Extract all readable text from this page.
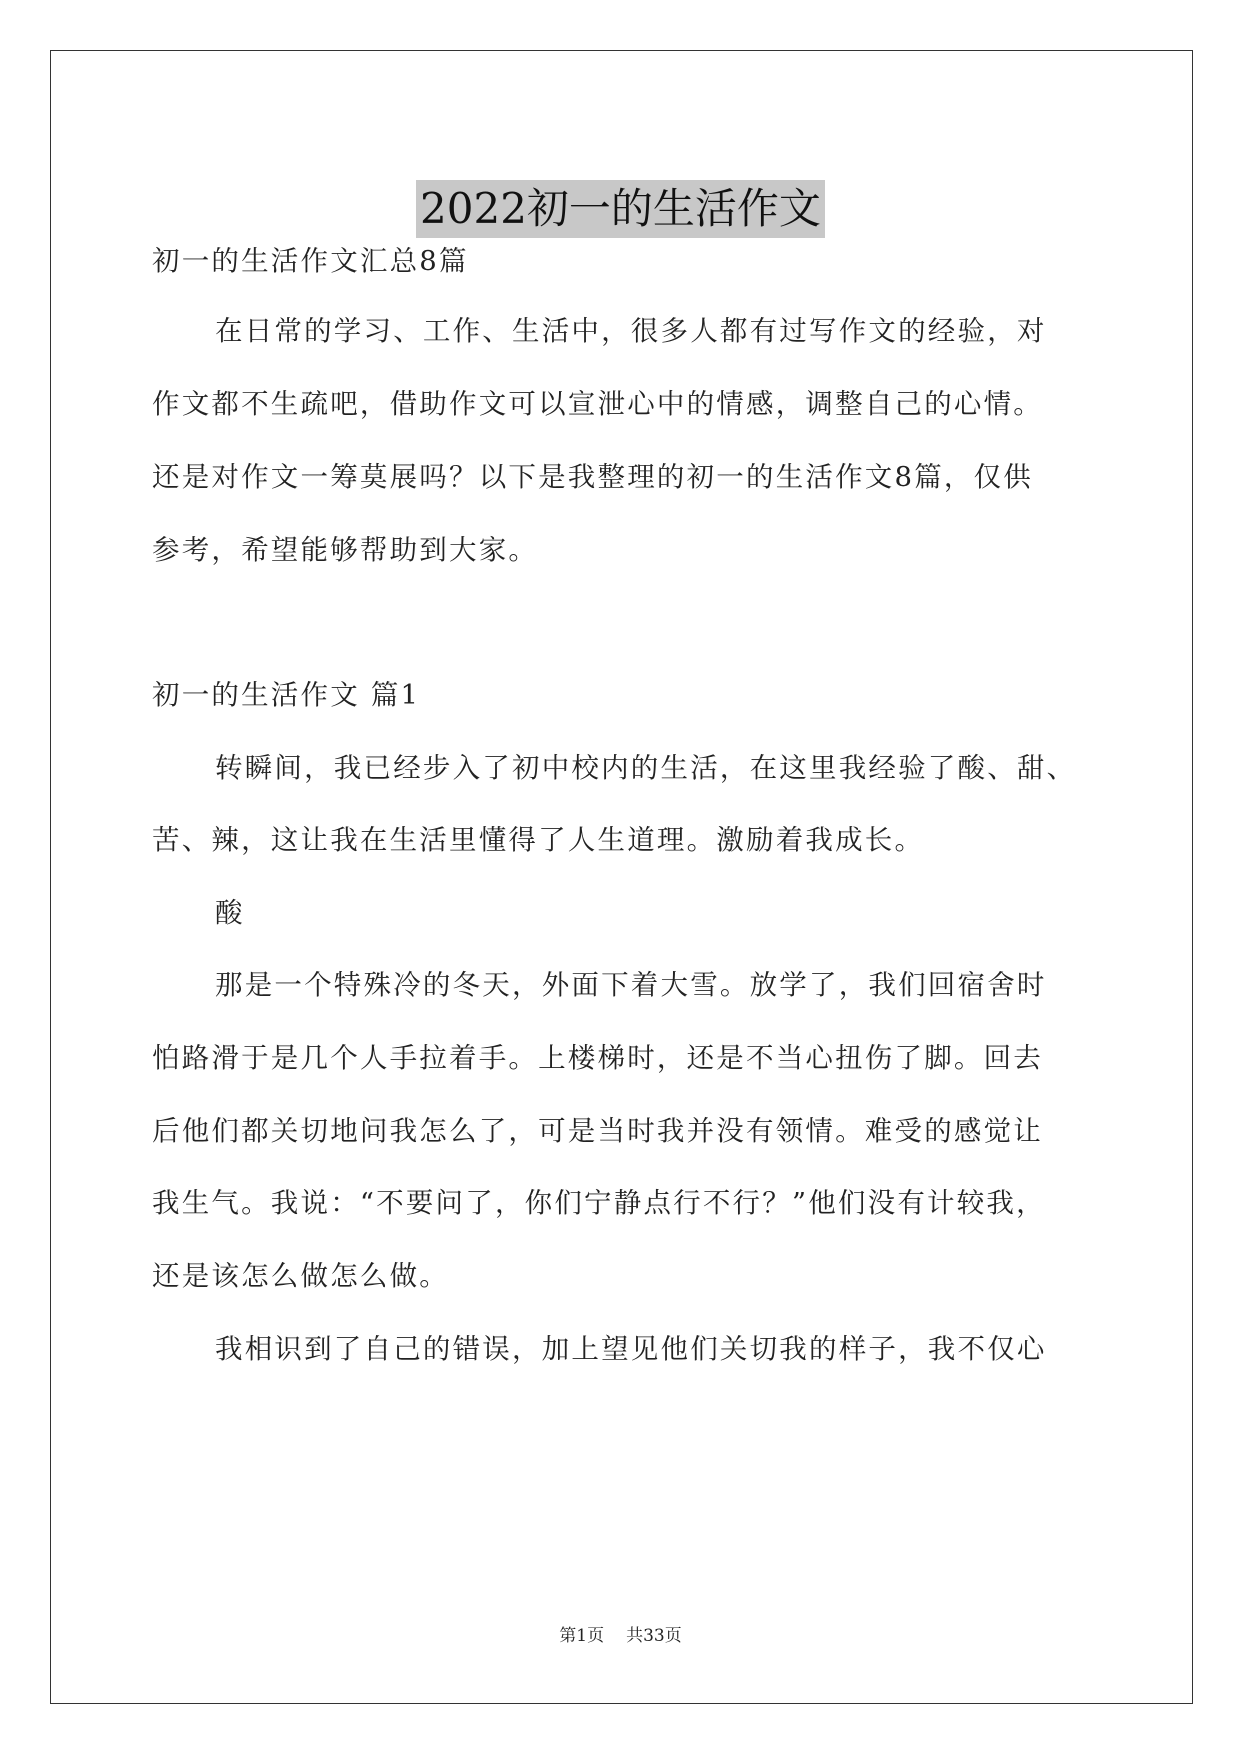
2022初一的生活作文
初一的生活作文汇总8篇
在日常的学习、工作、生活中，很多人都有过写作文的经验，对
作文都不生疏吧，借助作文可以宣泄心中的情感，调整自己的心情。
还是对作文一筹莫展吗？以下是我整理的初一的生活作文8篇，仅供
参考，希望能够帮助到大家。
初一的生活作文 篇1
转瞬间，我已经步入了初中校内的生活，在这里我经验了酸、甜、
苦、辣，这让我在生活里懂得了人生道理。激励着我成长。
酸
那是一个特殊冷的冬天，外面下着大雪。放学了，我们回宿舍时
怕路滑于是几个人手拉着手。上楼梯时，还是不当心扭伤了脚。回去
后他们都关切地问我怎么了，可是当时我并没有领情。难受的感觉让
我生气。我说：“不要问了，你们宁静点行不行？”他们没有计较我，
还是该怎么做怎么做。
我相识到了自己的错误，加上望见他们关切我的样子，我不仅心
第1页 共33页
